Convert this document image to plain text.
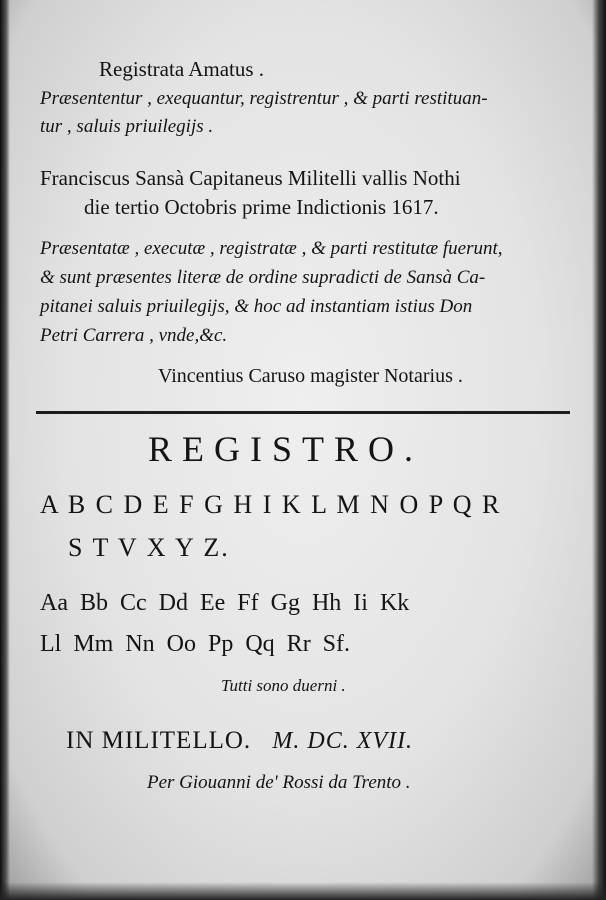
Registrata Amatus .

Præsententur , exequantur, registrentur , & parti restituan-

tur , saluis priuilegijs .

Franciscus Sansà Capitaneus Militelli vallis Nothi

die tertio Octobris prime Indictionis 1617.

Præsentatæ , executæ , registratæ , & parti restitutæ fuerunt,

& sunt præsentes literæ de ordine supradicti de Sansà Ca-

pitanei saluis priuilegijs, & hoc ad instantiam istius Don

Petri Carrera , vnde,&c.

Vincentius Caruso magister Notarius .

REGISTRO.

A B C D E F G H I K L M N O P Q R

S T V X Y Z.

Aa  Bb  Cc  Dd  Ee  Ff  Gg  Hh  Ii  Kk

Ll  Mm  Nn  Oo  Pp  Qq  Rr  Sf.

Tutti sono duerni .

IN MILITELLO. M. DC. XVII.

Per Giouanni de' Rossi da Trento .
